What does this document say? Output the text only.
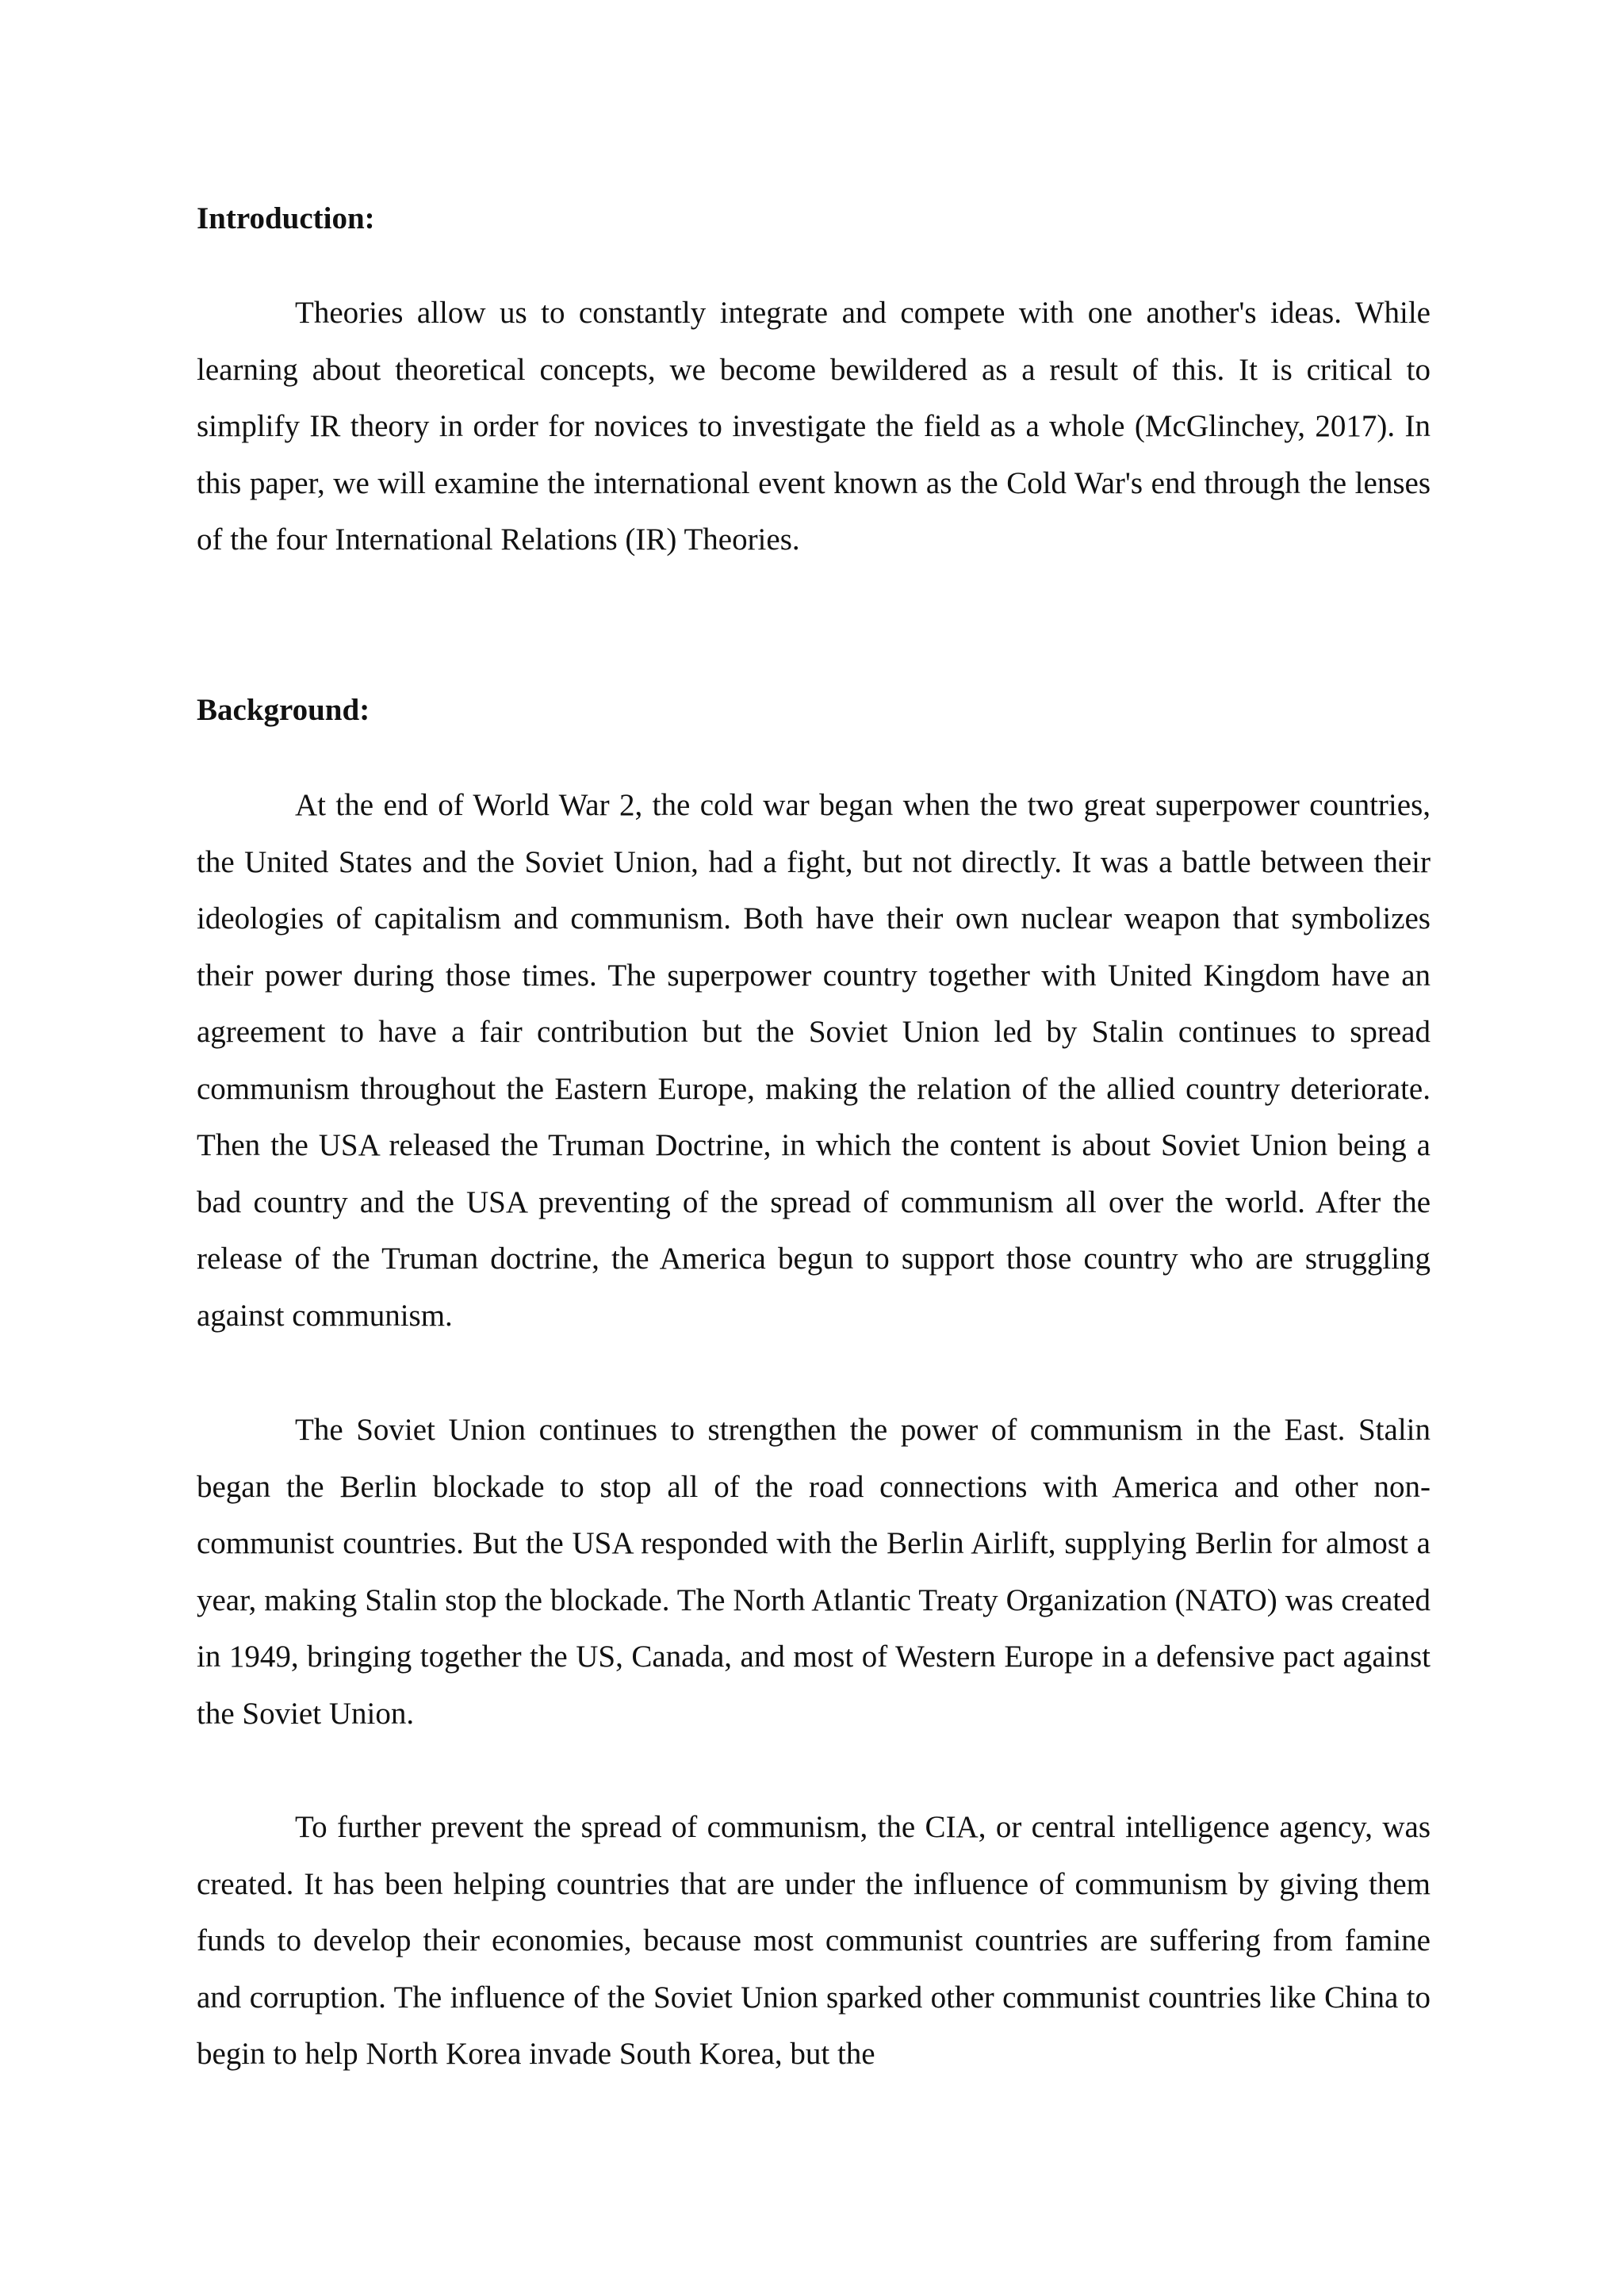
Introduction:

Theories allow us to constantly integrate and compete with one another's ideas. While learning about theoretical concepts, we become bewildered as a result of this. It is critical to simplify IR theory in order for novices to investigate the field as a whole (McGlinchey, 2017). In this paper, we will examine the international event known as the Cold War's end through the lenses of the four International Relations (IR) Theories.

Background:

At the end of World War 2, the cold war began when the two great superpower countries, the United States and the Soviet Union, had a fight, but not directly. It was a battle between their ideologies of capitalism and communism. Both have their own nuclear weapon that symbolizes their power during those times. The superpower country together with United Kingdom have an agreement to have a fair contribution but the Soviet Union led by Stalin continues to spread communism throughout the Eastern Europe, making the relation of the allied country deteriorate. Then the USA released the Truman Doctrine, in which the content is about Soviet Union being a bad country and the USA preventing of the spread of communism all over the world. After the release of the Truman doctrine, the America begun to support those country who are struggling against communism.

The Soviet Union continues to strengthen the power of communism in the East. Stalin began the Berlin blockade to stop all of the road connections with America and other non-communist countries. But the USA responded with the Berlin Airlift, supplying Berlin for almost a year, making Stalin stop the blockade. The North Atlantic Treaty Organization (NATO) was created in 1949, bringing together the US, Canada, and most of Western Europe in a defensive pact against the Soviet Union.

To further prevent the spread of communism, the CIA, or central intelligence agency, was created. It has been helping countries that are under the influence of communism by giving them funds to develop their economies, because most communist countries are suffering from famine and corruption. The influence of the Soviet Union sparked other communist countries like China to begin to help North Korea invade South Korea, but the
